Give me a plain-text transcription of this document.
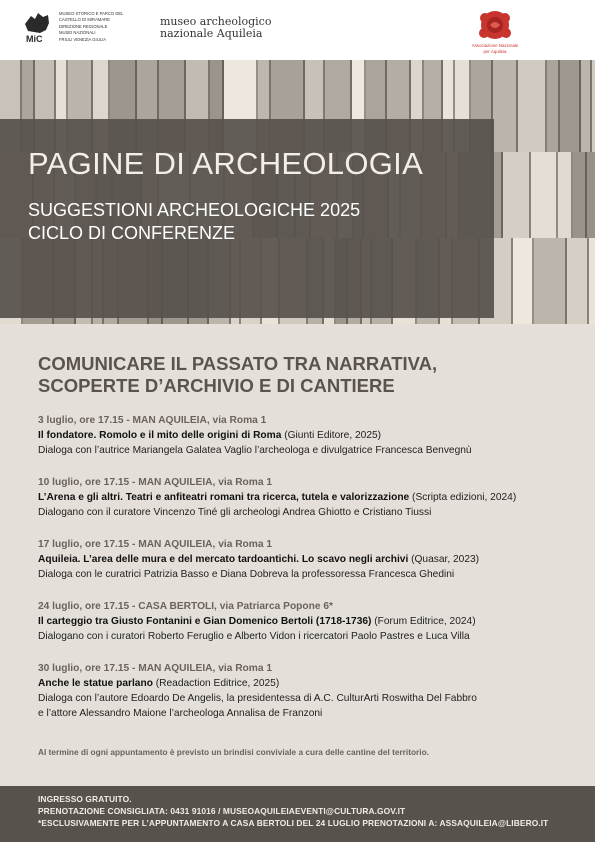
MiC
MUSEO STORICO E PARCO DEL
CASTELLO DI MIRAMARE
DIREZIONE REGIONALE
MUSEI NAZIONALI
FRIULI VENEZIA GIULIA
museo archeologico
nazionale Aquileia
Associazione Nazionale
per Aquileia
PAGINE DI ARCHEOLOGIA
SUGGESTIONI ARCHEOLOGICHE 2025
CICLO DI CONFERENZE
COMUNICARE IL PASSATO TRA NARRATIVA,
SCOPERTE D’ARCHIVIO E DI CANTIERE
3 luglio, ore 17.15 - MAN AQUILEIA, via Roma 1
Il fondatore. Romolo e il mito delle origini di Roma (Giunti Editore, 2025)
Dialoga con l’autrice Mariangela Galatea Vaglio l’archeologa e divulgatrice Francesca Benvegnù
10 luglio, ore 17.15 - MAN AQUILEIA, via Roma 1
L’Arena e gli altri. Teatri e anfiteatri romani tra ricerca, tutela e valorizzazione (Scripta edizioni, 2024)
Dialogano con il curatore Vincenzo Tiné gli archeologi Andrea Ghiotto e Cristiano Tiussi
17 luglio, ore 17.15 - MAN AQUILEIA, via Roma 1
Aquileia. L’area delle mura e del mercato tardoantichi. Lo scavo negli archivi (Quasar, 2023)
Dialoga con le curatrici Patrizia Basso e Diana Dobreva la professoressa Francesca Ghedini
24 luglio, ore 17.15 - CASA BERTOLI, via Patriarca Popone 6*
Il carteggio tra Giusto Fontanini e Gian Domenico Bertoli (1718-1736) (Forum Editrice, 2024)
Dialogano con i curatori Roberto Feruglio e Alberto Vidon i ricercatori Paolo Pastres e Luca Villa
30 luglio, ore 17.15 - MAN AQUILEIA, via Roma 1
Anche le statue parlano (Readaction Editrice, 2025)
Dialoga con l’autore Edoardo De Angelis, la presidentessa di A.C. CulturArti Roswitha Del Fabbro
e l’attore Alessandro Maione l’archeologa Annalisa de Franzoni
Al termine di ogni appuntamento è previsto un brindisi conviviale a cura delle cantine del territorio.
INGRESSO GRATUITO.
PRENOTAZIONE CONSIGLIATA: 0431 91016 / MUSEOAQUILEIAEVENTI@CULTURA.GOV.IT
*ESCLUSIVAMENTE PER L’APPUNTAMENTO A CASA BERTOLI DEL 24 LUGLIO PRENOTAZIONI A: ASSAQUILEIA@LIBERO.IT
